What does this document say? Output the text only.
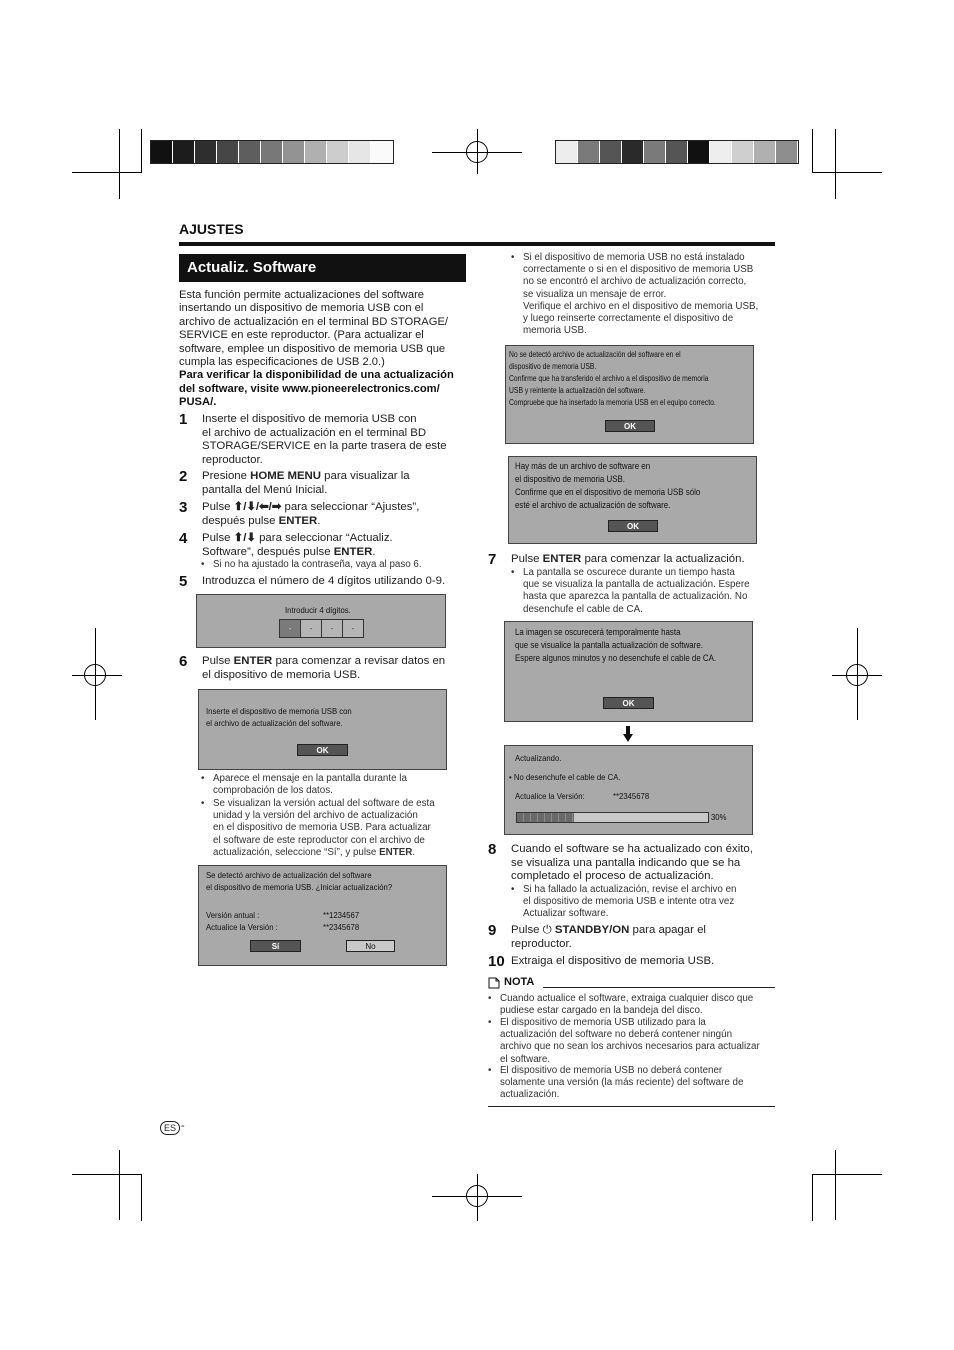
AJUSTES
Actualiz. Software
Esta función permite actualizaciones del software
insertando un dispositivo de memoria USB con el
archivo de actualización en el terminal BD STORAGE/
SERVICE en este reproductor. (Para actualizar el
software, emplee un dispositivo de memoria USB que
cumpla las especificaciones de USB 2.0.)
Para verificar la disponibilidad de una actualización
del software, visite www.pioneerelectronics.com/
PUSA/.
1 Inserte el dispositivo de memoria USB con
el archivo de actualización en el terminal BD
STORAGE/SERVICE en la parte trasera de este
reproductor.
2 Presione HOME MENU para visualizar la
pantalla del Menú Inicial.
3 Pulse ⬆/⬇/⬅/➡ para seleccionar “Ajustes”,
después pulse ENTER.
4 Pulse ⬆/⬇ para seleccionar “Actualiz.
Software”, después pulse ENTER.
• Si no ha ajustado la contraseña, vaya al paso 6.
5 Introduzca el número de 4 dígitos utilizando 0-9.
Introducir 4 dígitos.
-	-	-	-
6 Pulse ENTER para comenzar a revisar datos en
el dispositivo de memoria USB.
Inserte el dispositivo de memoria USB con
el archivo de actualización del software.
OK
• Aparece el mensaje en la pantalla durante la
comprobación de los datos.
• Se visualizan la versión actual del software de esta
unidad y la versión del archivo de actualización
en el dispositivo de memoria USB. Para actualizar
el software de este reproductor con el archivo de
actualización, seleccione “Sí”, y pulse ENTER.
Se detectó archivo de actualización del software
el dispositivo de memoria USB. ¿Iniciar actualización?
Versión antual :	**1234567
Actualice la Versión :	**2345678
Sí	No
• Si el dispositivo de memoria USB no está instalado
correctamente o si en el dispositivo de memoria USB
no se encontró el archivo de actualización correcto,
se visualiza un mensaje de error.
Verifique el archivo en el dispositivo de memoria USB,
y luego reinserte correctamente el dispositivo de
memoria USB.
No se detectó archivo de actualización del software en el
dispositivo de memoria USB.
Confirme que ha transferido el archivo a el dispositivo de memoria
USB y reintente la actualización del software.
Compruebe que ha insertado la memoria USB en el equipo correcto.
OK
Hay más de un archivo de software en
el dispositivo de memoria USB.
Confirme que en el dispositivo de memoria USB sólo
esté el archivo de actualización de software.
OK
7 Pulse ENTER para comenzar la actualización.
• La pantalla se oscurece durante un tiempo hasta
que se visualiza la pantalla de actualización. Espere
hasta que aparezca la pantalla de actualización. No
desenchufe el cable de CA.
La imagen se oscurecerá temporalmente hasta
que se visualice la pantalla actualización de software.
Espere algunos minutos y no desenchufe el cable de CA.
OK
Actualizando.
• No desenchufe el cable de CA.
Actualice la Versión:	**2345678
30%
8 Cuando el software se ha actualizado con éxito,
se visualiza una pantalla indicando que se ha
completado el proceso de actualización.
• Si ha fallado la actualización, revise el archivo en
el dispositivo de memoria USB e intente otra vez
Actualizar software.
9 Pulse ⏻ STANDBY/ON para apagar el
reproductor.
10 Extraiga el dispositivo de memoria USB.
NOTA
• Cuando actualice el software, extraiga cualquier disco que
pudiese estar cargado en la bandeja del disco.
• El dispositivo de memoria USB utilizado para la
actualización del software no deberá contener ningún
archivo que no sean los archivos necesarios para actualizar
el software.
• El dispositivo de memoria USB no deberá contener
solamente una versión (la más reciente) del software de
actualización.
ES -
